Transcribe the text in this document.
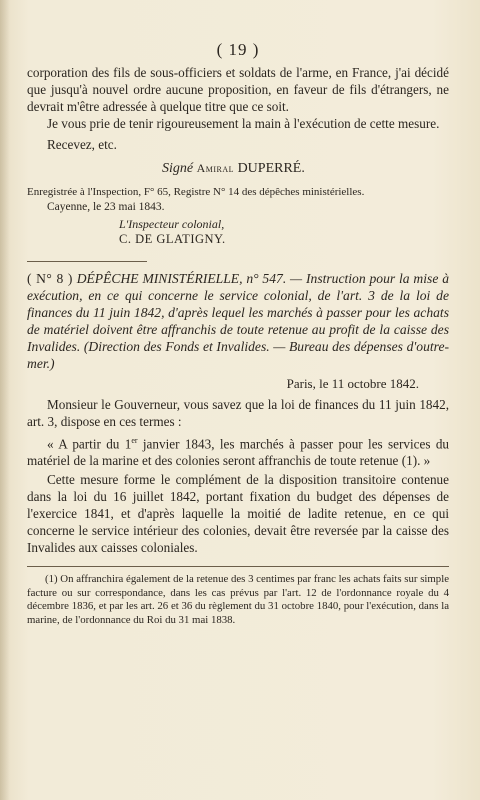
( 19 )

corporation des fils de sous-officiers et soldats de l'arme, en France, j'ai décidé que jusqu'à nouvel ordre aucune proposition, en faveur de fils d'étrangers, ne devrait m'être adressée à quelque titre que ce soit.

Je vous prie de tenir rigoureusement la main à l'exécution de cette mesure.

Recevez, etc.

Signé Amiral DUPERRÉ.

Enregistrée à l'Inspection, F° 65, Registre N° 14 des dépêches ministérielles.

Cayenne, le 23 mai 1843.

L'Inspecteur colonial,

C. DE GLATIGNY.

( N° 8 ) DÉPÊCHE MINISTÉRIELLE, n° 547. — Instruction pour la mise à exécution, en ce qui concerne le service colonial, de l'art. 3 de la loi de finances du 11 juin 1842, d'après lequel les marchés à passer pour les achats de matériel doivent être affranchis de toute retenue au profit de la caisse des Invalides. (Direction des Fonds et Invalides. — Bureau des dépenses d'outre-mer.)

Paris, le 11 octobre 1842.

Monsieur le Gouverneur, vous savez que la loi de finances du 11 juin 1842, art. 3, dispose en ces termes :

« A partir du 1er janvier 1843, les marchés à passer pour les services du matériel de la marine et des colonies seront affranchis de toute retenue (1). »

Cette mesure forme le complément de la disposition transitoire contenue dans la loi du 16 juillet 1842, portant fixation du budget des dépenses de l'exercice 1841, et d'après laquelle la moitié de ladite retenue, en ce qui concerne le service intérieur des colonies, devait être reversée par la caisse des Invalides aux caisses coloniales.

(1) On affranchira également de la retenue des 3 centimes par franc les achats faits sur simple facture ou sur correspondance, dans les cas prévus par l'art. 12 de l'ordonnance royale du 4 décembre 1836, et par les art. 26 et 36 du règlement du 31 octobre 1840, pour l'exécution, dans la marine, de l'ordonnance du Roi du 31 mai 1838.
